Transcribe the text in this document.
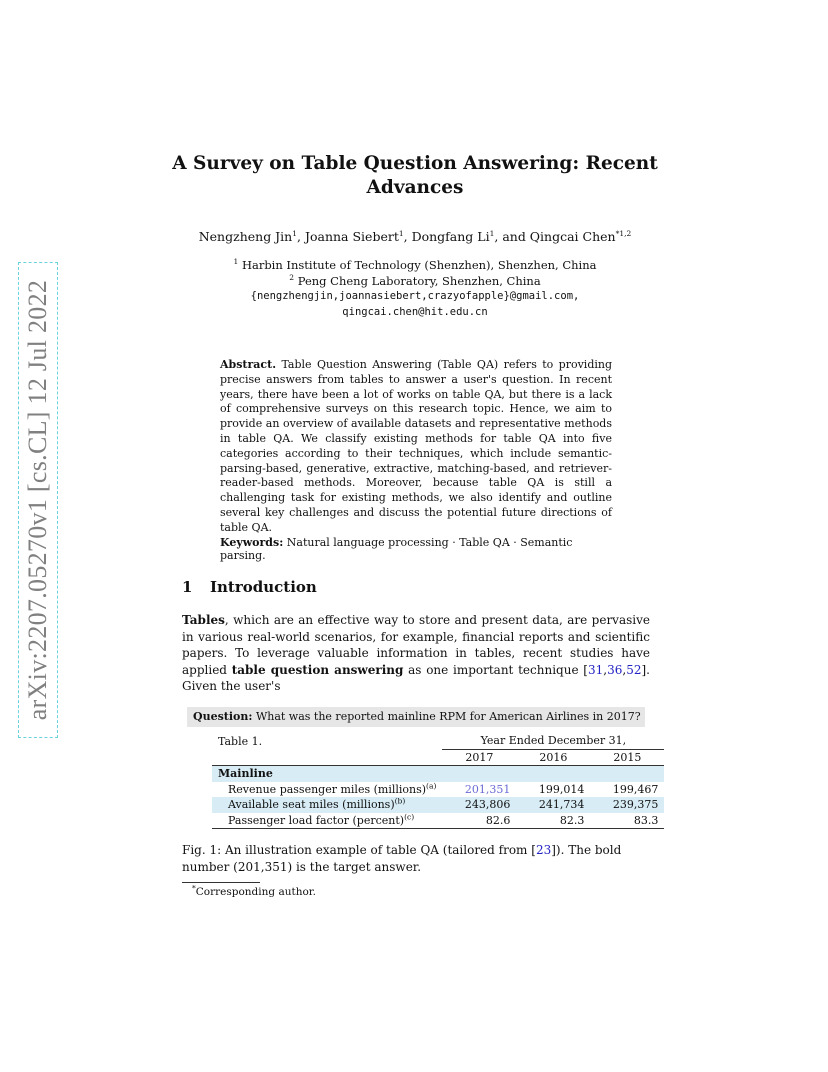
arXiv:2207.05270v1 [cs.CL] 12 Jul 2022
A Survey on Table Question Answering: Recent
Advances
Nengzheng Jin$^1$, Joanna Siebert$^1$, Dongfang Li$^1$, and Qingcai Chen$^{*1,2}$
$^1$ Harbin Institute of Technology (Shenzhen), Shenzhen, China
$^2$ Peng Cheng Laboratory, Shenzhen, China
{nengzhengjin,joannasiebert,crazyofapple}@gmail.com,
qingcai.chen@hit.edu.cn
Abstract. Table Question Answering (Table QA) refers to providing precise answers from tables to answer a user's question. In recent years, there have been a lot of works on table QA, but there is a lack of comprehensive surveys on this research topic. Hence, we aim to provide an overview of available datasets and representative methods in table QA. We classify existing methods for table QA into five categories according to their techniques, which include semantic-parsing-based, generative, extractive, matching-based, and retriever-reader-based methods. Moreover, because table QA is still a challenging task for existing methods, we also identify and outline several key challenges and discuss the potential future directions of table QA.
Keywords: Natural language processing · Table QA · Semantic parsing.
1 Introduction
Tables, which are an effective way to store and present data, are pervasive in various real-world scenarios, for example, financial reports and scientific papers. To leverage valuable information in tables, recent studies have applied table question answering as one important technique [31,36,52]. Given the user's
Question: What was the reported mainline RPM for American Airlines in 2017?
Table 1.	Year Ended December 31,		
	2017	2016	2015
Mainline			
Revenue passenger miles (millions)$^{(a)}$	201,351	199,014	199,467
Available seat miles (millions)$^{(b)}$	243,806	241,734	239,375
Passenger load factor (percent)$^{(c)}$	82.6	82.3	83.3
Fig. 1: An illustration example of table QA (tailored from [23]). The bold number (201,351) is the target answer.
*Corresponding author.
